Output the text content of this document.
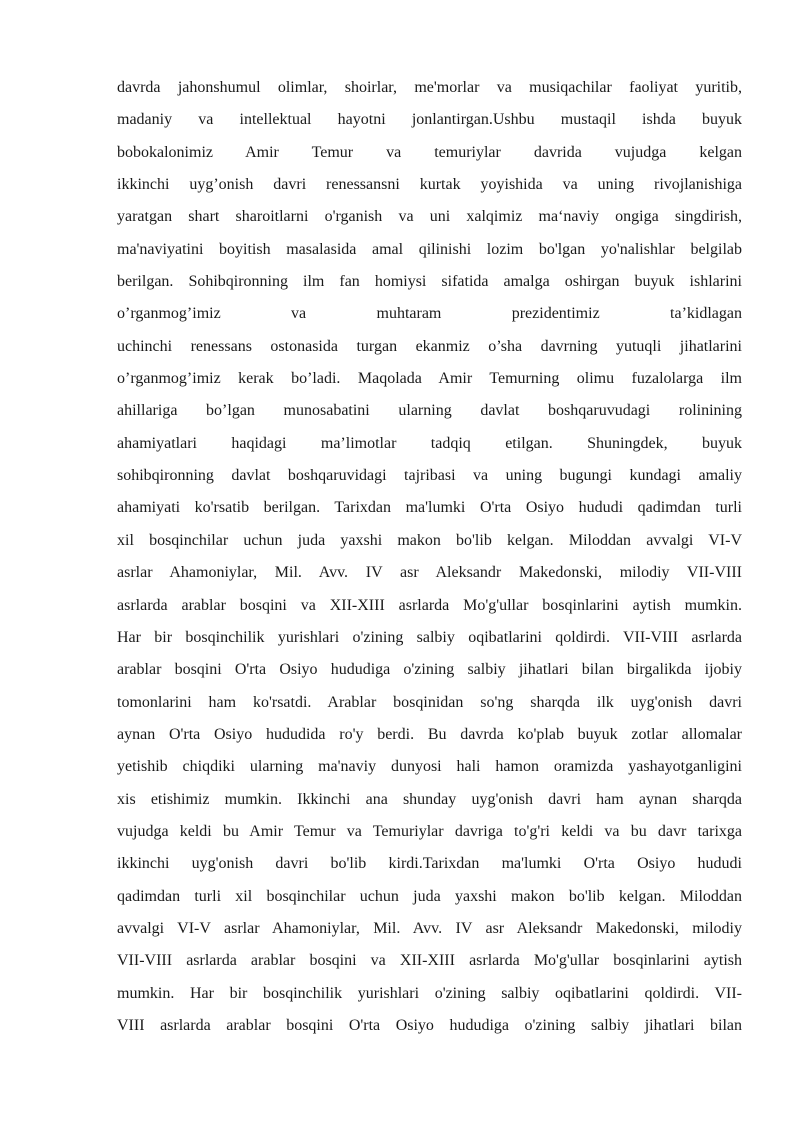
davrda jahonshumul olimlar, shoirlar, me'morlar va musiqachilar faoliyat yuritib,
madaniy va intellektual hayotni jonlantirgan.Ushbu mustaqil ishda buyuk
bobokalonimiz Amir Temur va temuriylar davrida vujudga kelgan
ikkinchi uyg’onish davri renessansni kurtak yoyishida va uning rivojlanishiga
yaratgan shart sharoitlarni o'rganish va uni xalqimiz ma‘naviy ongiga singdirish,
ma'naviyatini boyitish masalasida amal qilinishi lozim bo'lgan yo'nalishlar belgilab
berilgan. Sohibqironning ilm fan homiysi sifatida amalga oshirgan buyuk ishlarini
o’rganmog’imiz va muhtaram prezidentimiz ta’kidlagan
uchinchi renessans ostonasida turgan ekanmiz o’sha davrning yutuqli jihatlarini
o’rganmog’imiz kerak bo’ladi. Maqolada Amir Temurning olimu fuzalolarga ilm
ahillariga bo’lgan munosabatini ularning davlat boshqaruvudagi rolinining
ahamiyatlari haqidagi ma’limotlar tadqiq etilgan. Shuningdek, buyuk
sohibqironning davlat boshqaruvidagi tajribasi va uning bugungi kundagi amaliy
ahamiyati ko'rsatib berilgan. Tarixdan ma'lumki O'rta Osiyo hududi qadimdan turli
xil bosqinchilar uchun juda yaxshi makon bo'lib kelgan. Miloddan avvalgi VI-V
asrlar Ahamoniylar, Mil. Avv. IV asr Aleksandr Makedonski, milodiy VII-VIII
asrlarda arablar bosqini va XII-XIII asrlarda Mo'g'ullar bosqinlarini aytish mumkin.
Har bir bosqinchilik yurishlari o'zining salbiy oqibatlarini qoldirdi. VII-VIII asrlarda
arablar bosqini O'rta Osiyo hududiga o'zining salbiy jihatlari bilan birgalikda ijobiy
tomonlarini ham ko'rsatdi. Arablar bosqinidan so'ng sharqda ilk uyg'onish davri
aynan O'rta Osiyo hududida ro'y berdi. Bu davrda ko'plab buyuk zotlar allomalar
yetishib chiqdiki ularning ma'naviy dunyosi hali hamon oramizda yashayotganligini
xis etishimiz mumkin. Ikkinchi ana shunday uyg'onish davri ham aynan sharqda
vujudga keldi bu Amir Temur va Temuriylar davriga to'g'ri keldi va bu davr tarixga
ikkinchi uyg'onish davri bo'lib kirdi.Tarixdan ma'lumki O'rta Osiyo hududi
qadimdan turli xil bosqinchilar uchun juda yaxshi makon bo'lib kelgan. Miloddan
avvalgi VI-V asrlar Ahamoniylar, Mil. Avv. IV asr Aleksandr Makedonski, milodiy
VII-VIII asrlarda arablar bosqini va XII-XIII asrlarda Mo'g'ullar bosqinlarini aytish
mumkin. Har bir bosqinchilik yurishlari o'zining salbiy oqibatlarini qoldirdi. VII-
VIII asrlarda arablar bosqini O'rta Osiyo hududiga o'zining salbiy jihatlari bilan
